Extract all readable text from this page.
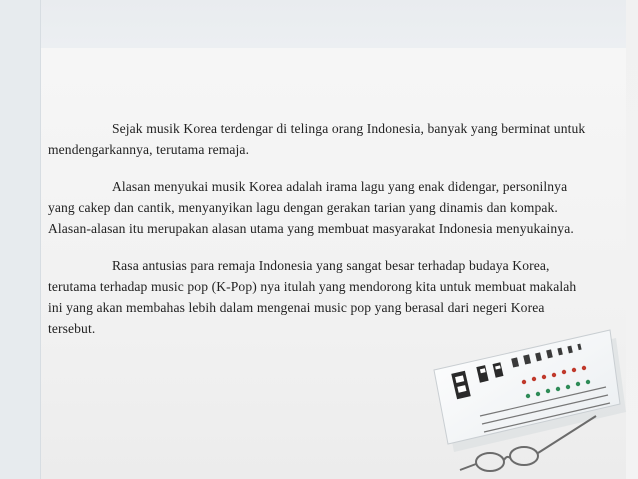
Sejak musik Korea terdengar di telinga orang Indonesia, banyak yang berminat untuk mendengarkannya, terutama remaja.

Alasan menyukai musik Korea adalah irama lagu yang enak didengar, personilnya yang cakep dan cantik, menyanyikan lagu dengan gerakan tarian yang dinamis dan kompak. Alasan-alasan itu merupakan alasan utama yang membuat masyarakat Indonesia menyukainya.

Rasa antusias para remaja Indonesia yang sangat besar terhadap budaya Korea, terutama terhadap music pop (K-Pop) nya itulah yang mendorong kita untuk membuat makalah ini yang akan membahas lebih dalam mengenai music pop yang berasal dari negeri Korea tersebut.
